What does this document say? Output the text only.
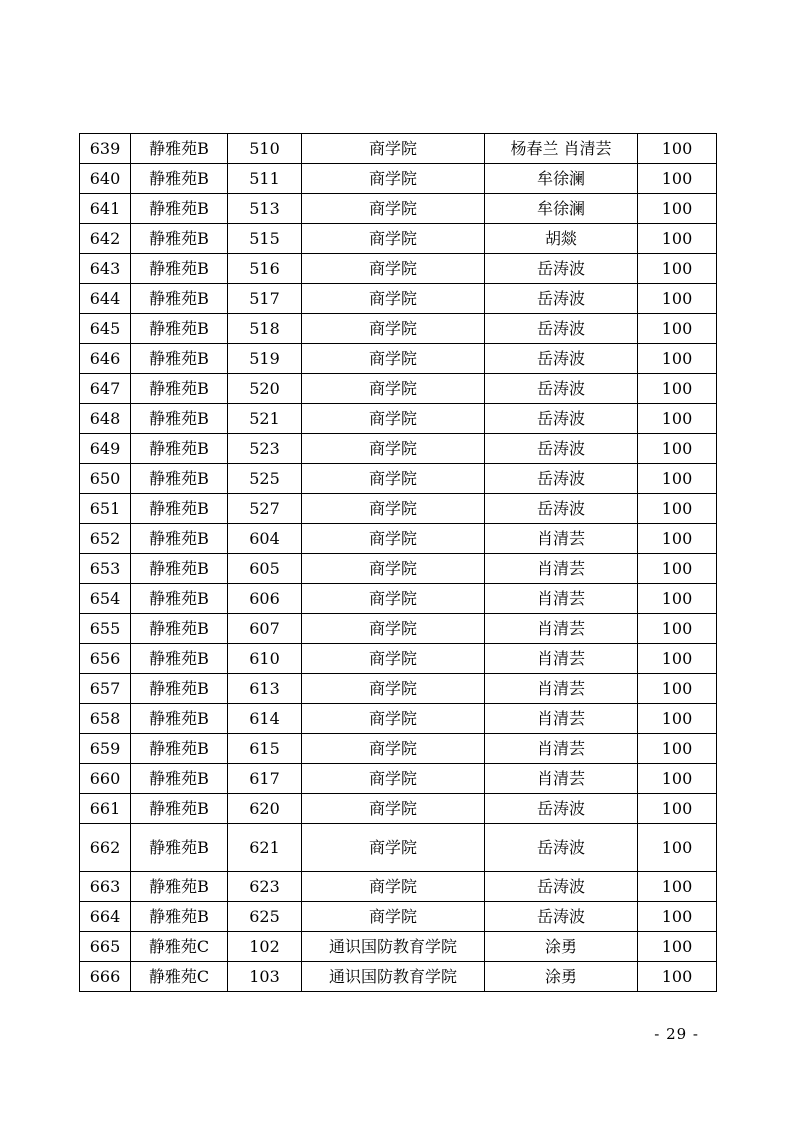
639	静雅苑B	510	商学院	杨春兰 肖清芸	100
640	静雅苑B	511	商学院	牟徐澜	100
641	静雅苑B	513	商学院	牟徐澜	100
642	静雅苑B	515	商学院	胡燚	100
643	静雅苑B	516	商学院	岳涛波	100
644	静雅苑B	517	商学院	岳涛波	100
645	静雅苑B	518	商学院	岳涛波	100
646	静雅苑B	519	商学院	岳涛波	100
647	静雅苑B	520	商学院	岳涛波	100
648	静雅苑B	521	商学院	岳涛波	100
649	静雅苑B	523	商学院	岳涛波	100
650	静雅苑B	525	商学院	岳涛波	100
651	静雅苑B	527	商学院	岳涛波	100
652	静雅苑B	604	商学院	肖清芸	100
653	静雅苑B	605	商学院	肖清芸	100
654	静雅苑B	606	商学院	肖清芸	100
655	静雅苑B	607	商学院	肖清芸	100
656	静雅苑B	610	商学院	肖清芸	100
657	静雅苑B	613	商学院	肖清芸	100
658	静雅苑B	614	商学院	肖清芸	100
659	静雅苑B	615	商学院	肖清芸	100
660	静雅苑B	617	商学院	肖清芸	100
661	静雅苑B	620	商学院	岳涛波	100
662	静雅苑B	621	商学院	岳涛波	100
663	静雅苑B	623	商学院	岳涛波	100
664	静雅苑B	625	商学院	岳涛波	100
665	静雅苑C	102	通识国防教育学院	涂勇	100
666	静雅苑C	103	通识国防教育学院	涂勇	100
- 29 -
